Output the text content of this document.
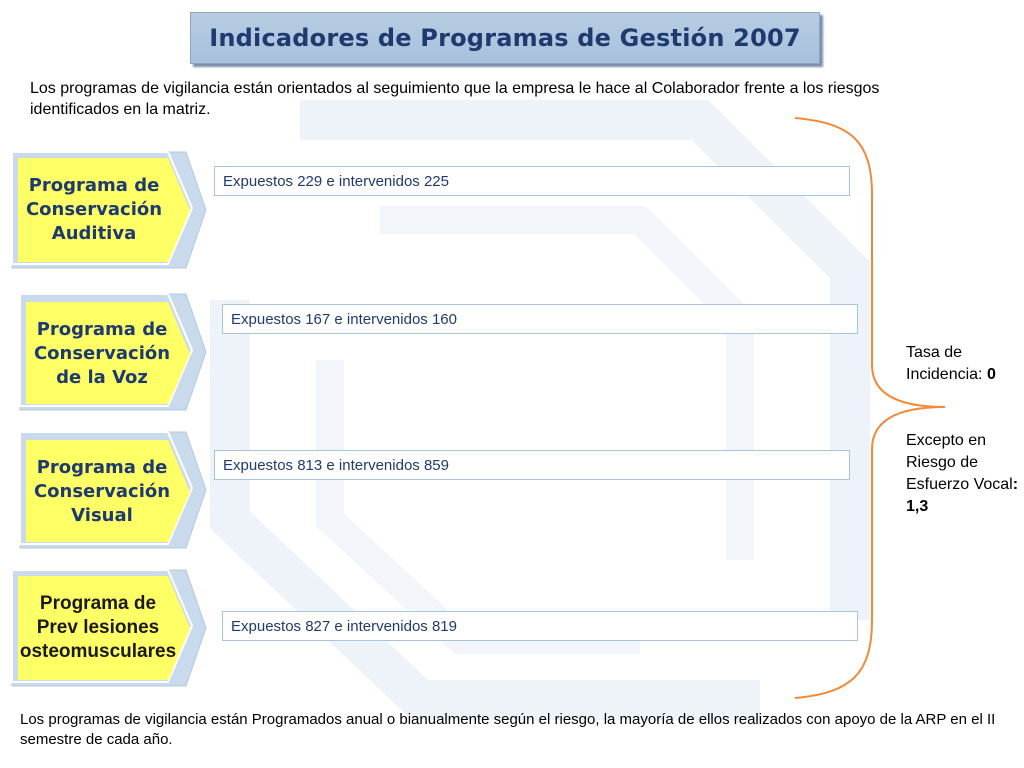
Indicadores de Programas de Gestión 2007
Los programas de vigilancia están orientados al seguimiento que la empresa le hace al Colaborador frente a los riesgos identificados en la matriz.
Programa de
Conservación
Auditiva
Expuestos 229 e intervenidos 225
Programa de
Conservación
de la Voz
Expuestos 167 e intervenidos 160
Programa de
Conservación
Visual
Expuestos 813 e intervenidos 859
Programa de
Prev lesiones
osteomusculares
Expuestos 827 e intervenidos 819
Tasa de Incidencia: 0
Excepto en Riesgo de Esfuerzo Vocal: 1,3
Los programas de vigilancia están Programados anual o bianualmente según el riesgo, la mayoría de ellos realizados con apoyo de la ARP en el II semestre de cada año.
